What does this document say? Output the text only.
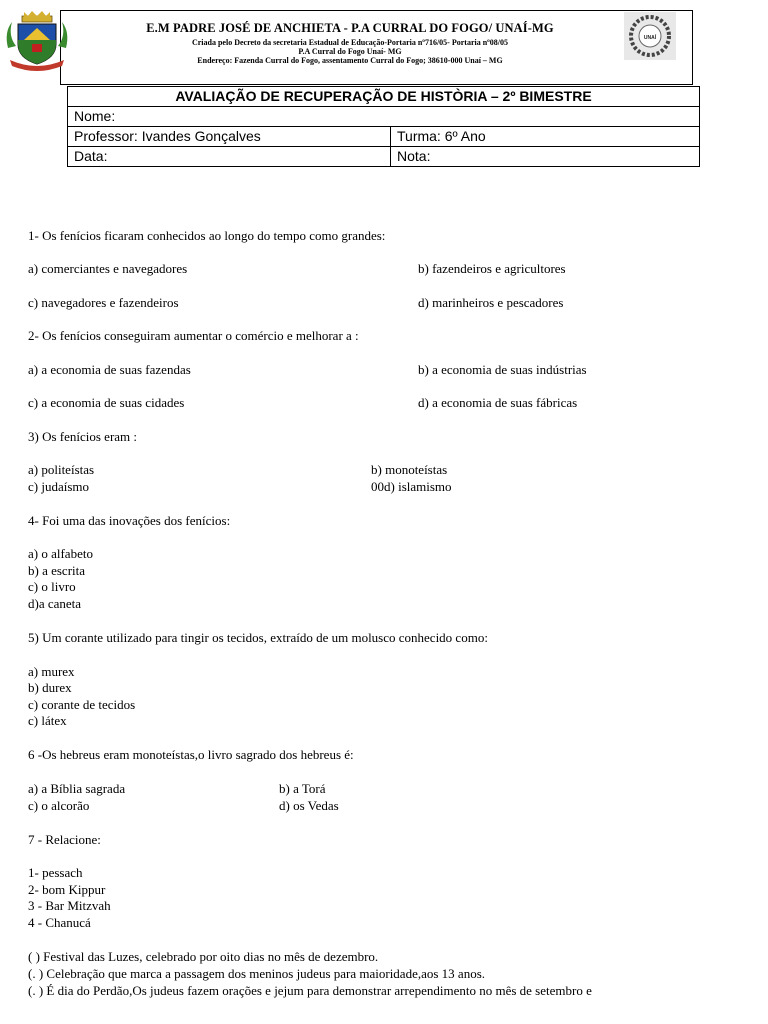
UNAÍ
E.M PADRE JOSÉ DE ANCHIETA - P.A CURRAL DO FOGO/ UNAÍ-MG
Criada pelo Decreto da secretaria Estadual de Educação-Portaria nº716/05- Portaria nº08/05
P.A Curral do Fogo Unaí- MG
Endereço: Fazenda Curral do Fogo, assentamento Curral do Fogo; 38610-000 Unaí – MG
AVALIAÇÃO DE RECUPERAÇÃO DE HISTÒRIA – 2º BIMESTRE	
Nome:	
Professor: Ivandes Gonçalves	Turma: 6º Ano
Data:	Nota:
1- Os fenícios ficaram conhecidos ao longo do tempo como grandes:
a) comerciantes e navegadores	b) fazendeiros e agricultores
c) navegadores e fazendeiros	d) marinheiros e pescadores
2- Os fenícios conseguiram aumentar o comércio e melhorar a :
a) a economia de suas fazendas	b) a economia de suas indústrias
c) a economia de suas cidades	d) a economia de suas fábricas
3) Os fenícios eram :
a) politeístas	b) monoteístas
c) judaísmo	00d) islamismo
4- Foi uma das inovações dos fenícios:
a) o alfabeto
b) a escrita
c) o livro
d)a caneta
5) Um corante utilizado para tingir os tecidos, extraído de um molusco conhecido como:
a) murex
b) durex
c) corante de tecidos
c) látex
6 -Os hebreus eram monoteístas,o livro sagrado dos hebreus é:
a) a Bíblia sagrada	b) a Torá
c) o alcorão	d) os Vedas
7 - Relacione:
1- pessach
2- bom Kippur
3 - Bar Mitzvah
4 - Chanucá
( ) Festival das Luzes, celebrado por oito dias no mês de dezembro.
(. ) Celebração que marca a passagem dos meninos judeus para maioridade,aos 13 anos.
(. ) É dia do Perdão,Os judeus fazem orações e jejum para demonstrar arrependimento no mês de setembro e
